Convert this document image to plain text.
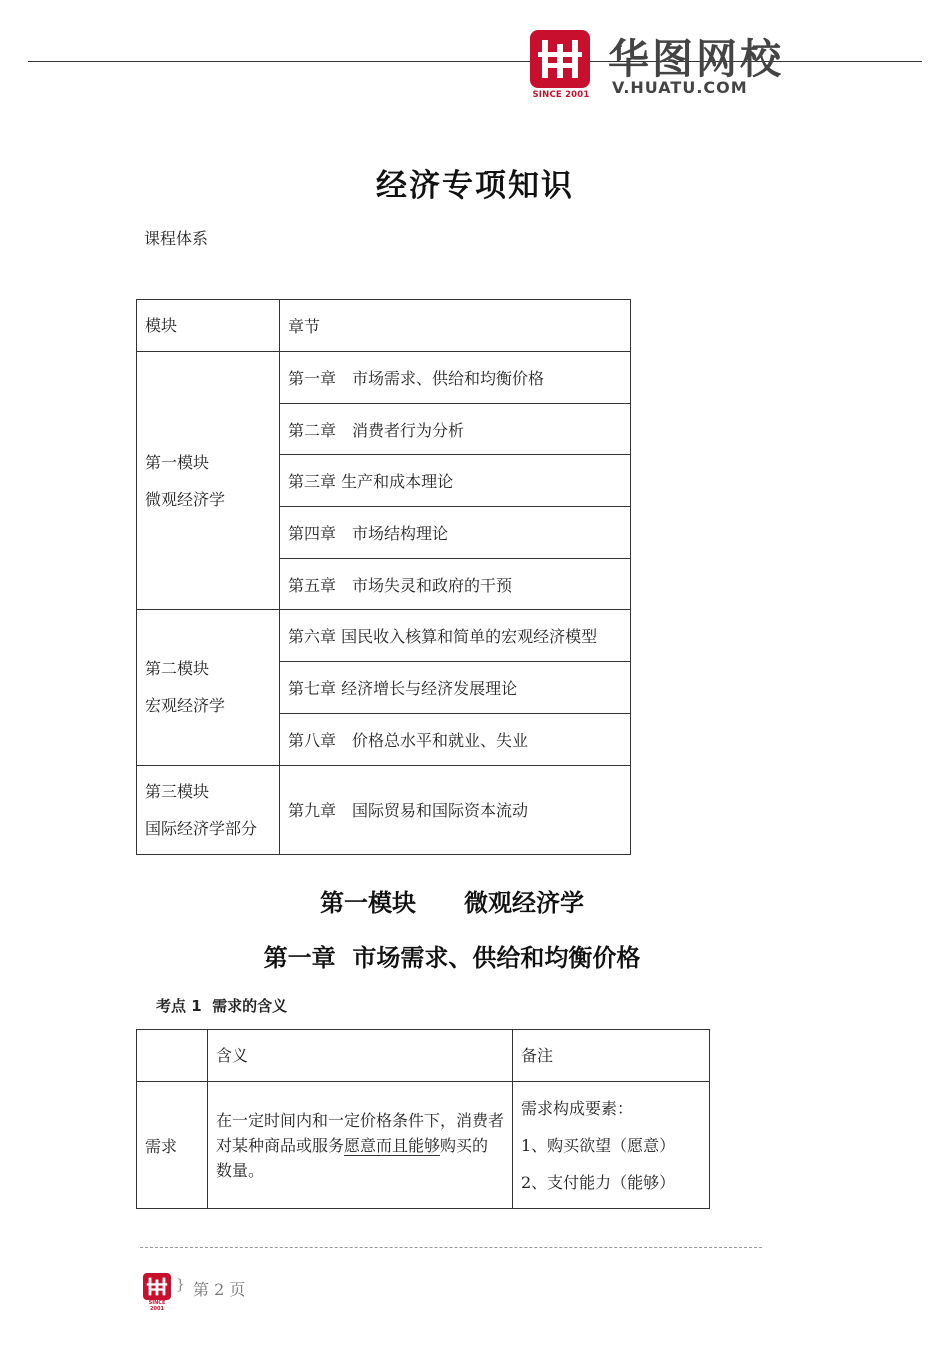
SINCE 2001
华图网校
V.HUATU.COM
经济专项知识
课程体系
模块	章节

第一模块
微观经济学	第一章　市场需求、供给和均衡价格
	第二章　消费者行为分析
	第三章 生产和成本理论
	第四章　市场结构理论
	第五章　市场失灵和政府的干预

第二模块
宏观经济学	第六章 国民收入核算和简单的宏观经济模型
	第七章 经济增长与经济发展理论
	第八章　价格总水平和就业、失业

第三模块
国际经济学部分	第九章　国际贸易和国际资本流动
第一模块　　微观经济学
第一章  市场需求、供给和均衡价格
考点 1  需求的含义
	含义	备注
需求	在一定时间内和一定价格条件下，消费者对某种商品或服务愿意而且能够购买的数量。	需求构成要素：
1、购买欲望（愿意）
2、支付能力（能够）
SINCE 2001
} 第 2 页
